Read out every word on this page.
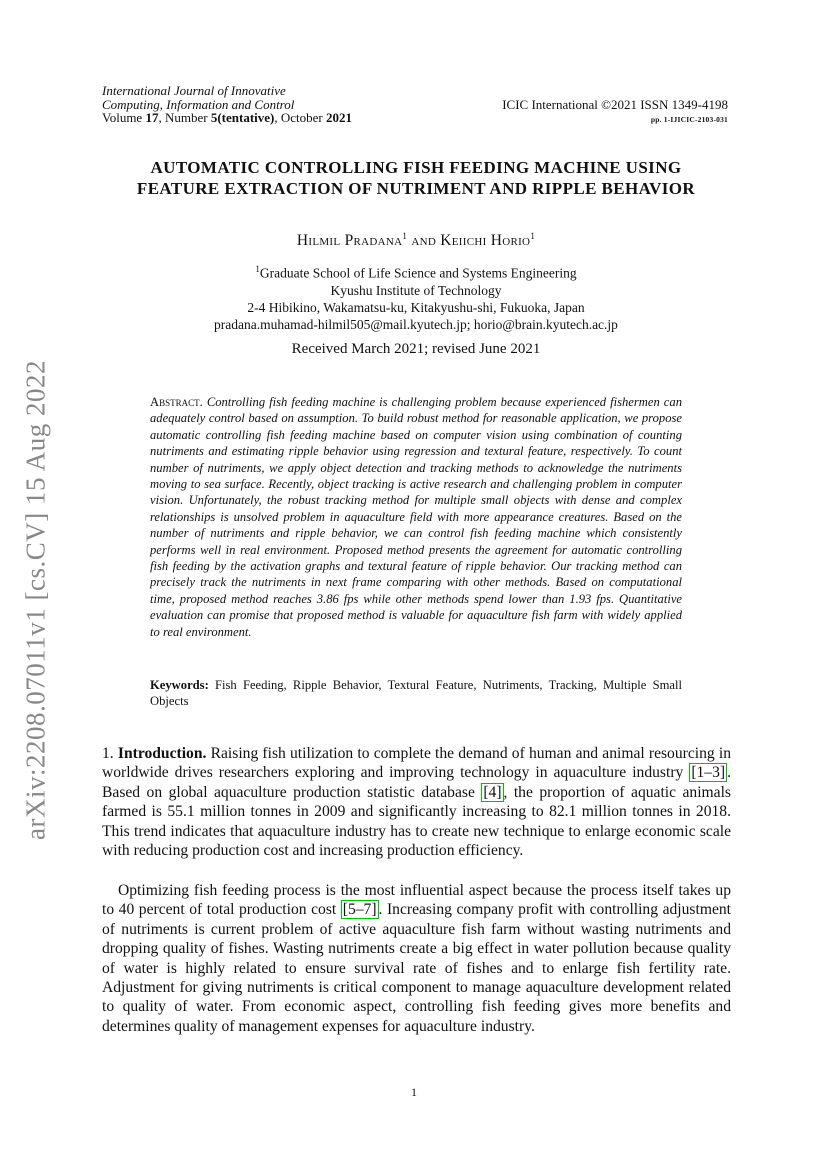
International Journal of Innovative
Computing, Information and Control
Volume 17, Number 5(tentative), October 2021
ICIC International ©2021 ISSN 1349-4198
pp. 1-IJICIC-2103-031
AUTOMATIC CONTROLLING FISH FEEDING MACHINE USING
FEATURE EXTRACTION OF NUTRIMENT AND RIPPLE BEHAVIOR
Hilmil Pradana$^1$ and Keiichi Horio$^1$
$^1$Graduate School of Life Science and Systems Engineering
Kyushu Institute of Technology
2-4 Hibikino, Wakamatsu-ku, Kitakyushu-shi, Fukuoka, Japan
pradana.muhamad-hilmil505@mail.kyutech.jp; horio@brain.kyutech.ac.jp
Received March 2021; revised June 2021
Abstract. Controlling fish feeding machine is challenging problem because experienced fishermen can adequately control based on assumption. To build robust method for reasonable application, we propose automatic controlling fish feeding machine based on computer vision using combination of counting nutriments and estimating ripple behavior using regression and textural feature, respectively. To count number of nutriments, we apply object detection and tracking methods to acknowledge the nutriments moving to sea surface. Recently, object tracking is active research and challenging problem in computer vision. Unfortunately, the robust tracking method for multiple small objects with dense and complex relationships is unsolved problem in aquaculture field with more appearance creatures. Based on the number of nutriments and ripple behavior, we can control fish feeding machine which consistently performs well in real environment. Proposed method presents the agreement for automatic controlling fish feeding by the activation graphs and textural feature of ripple behavior. Our tracking method can precisely track the nutriments in next frame comparing with other methods. Based on computational time, proposed method reaches 3.86 fps while other methods spend lower than 1.93 fps. Quantitative evaluation can promise that proposed method is valuable for aquaculture fish farm with widely applied to real environment.
Keywords: Fish Feeding, Ripple Behavior, Textural Feature, Nutriments, Tracking, Multiple Small Objects
1. Introduction. Raising fish utilization to complete the demand of human and animal resourcing in worldwide drives researchers exploring and improving technology in aquaculture industry [1–3] . Based on global aquaculture production statistic database [4] , the proportion of aquatic animals farmed is 55.1 million tonnes in 2009 and significantly increasing to 82.1 million tonnes in 2018. This trend indicates that aquaculture industry has to create new technique to enlarge economic scale with reducing production cost and increasing production efficiency.
Optimizing fish feeding process is the most influential aspect because the process itself takes up to 40 percent of total production cost [5–7] . Increasing company profit with controlling adjustment of nutriments is current problem of active aquaculture fish farm without wasting nutriments and dropping quality of fishes. Wasting nutriments create a big effect in water pollution because quality of water is highly related to ensure survival rate of fishes and to enlarge fish fertility rate. Adjustment for giving nutriments is critical component to manage aquaculture development related to quality of water. From economic aspect, controlling fish feeding gives more benefits and determines quality of management expenses for aquaculture industry.
1
arXiv:2208.07011v1 [cs.CV] 15 Aug 2022
